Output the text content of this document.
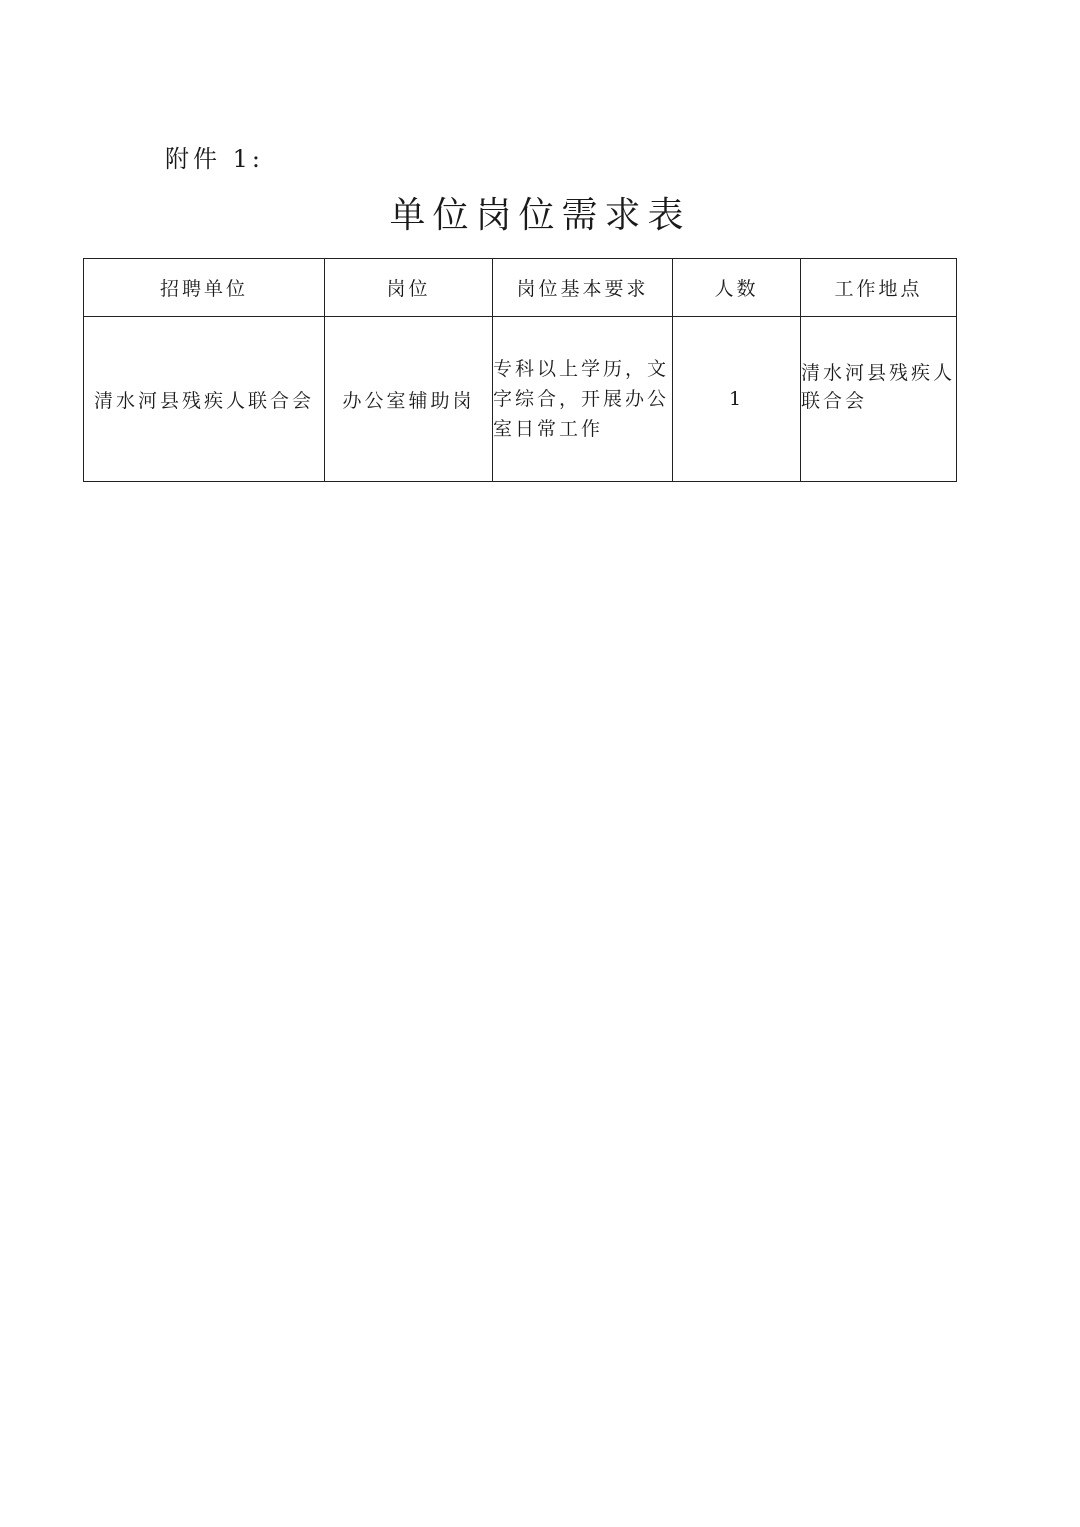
附件 1:
单位岗位需求表
招聘单位	岗位	岗位基本要求	人数	工作地点
清水河县残疾人联合会	办公室辅助岗	专科以上学历，文字综合，开展办公室日常工作	1	清水河县残疾人联合会
